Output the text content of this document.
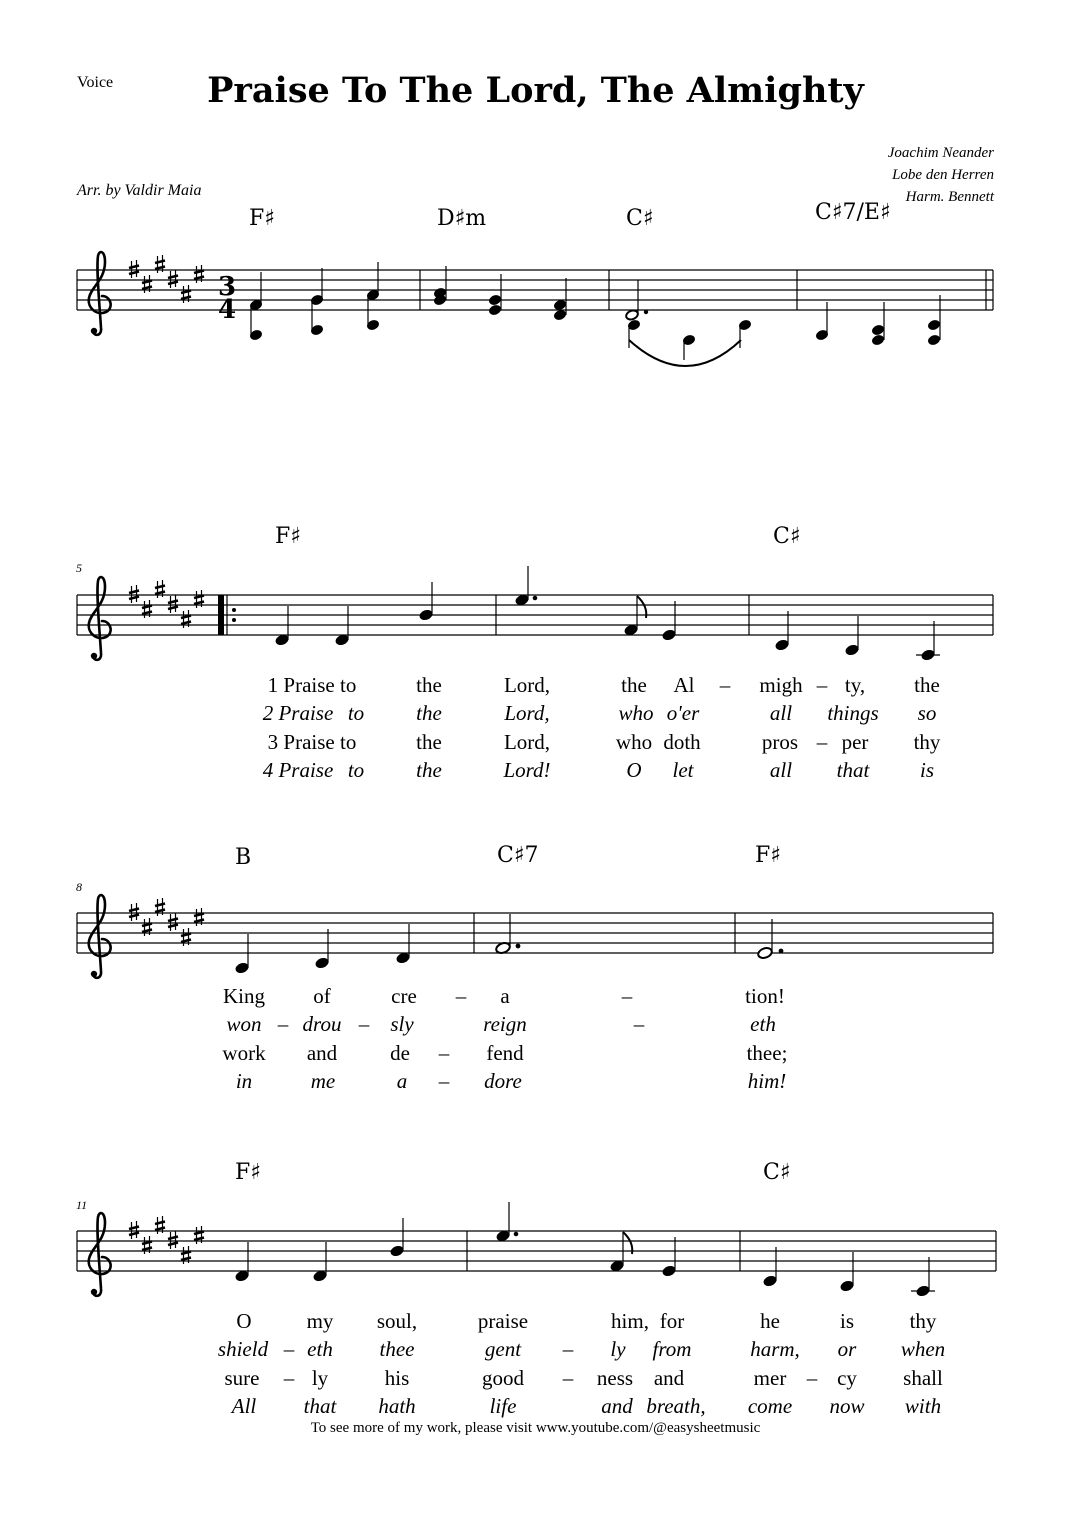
Voice	Praise To The Lord, The Almighty
Arr. by Valdir Maia
Joachim Neander
Lobe den Herren
Harm. Bennett
F♯	D♯m	C♯	C♯7/E♯
5
F♯	C♯
8
B	C♯7	F♯
11
F♯	C♯
1 Praise to	the	Lord,	the Al – migh – ty, the
2 Praise to the	Lord,	who o'er	all things so
3 Praise to	the	Lord,	who doth	pros – per thy
4 Praise to the	Lord!	O let	all that is
King of	cre – a	–	tion!
won – drou – sly	reign	–	eth
work and	de – fend	thee;
in	me	a – dore	him!
O	my soul,	praise	him, for	he	is	thy
shield – eth thee	gent – ly from	harm, or when
sure – ly	his	good – ness and	mer – cy shall
All that hath	life	and breath, come now with
To see more of my work, please visit www.youtube.com/@easysheetmusic
3
4
